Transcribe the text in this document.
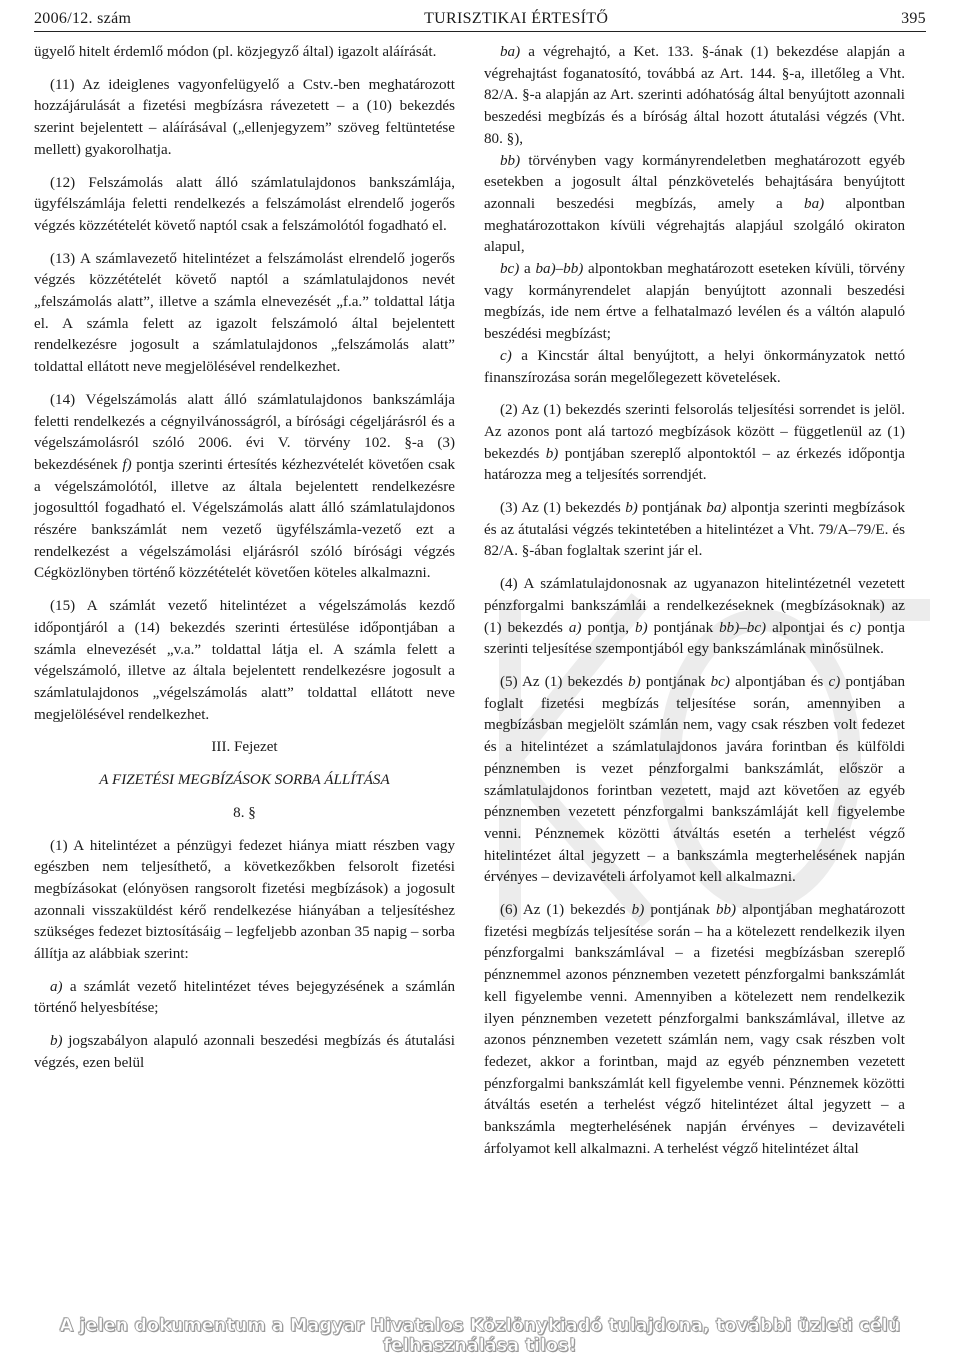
2006/12. szám	TURISZTIKAI ÉRTESÍTŐ	395

ügyelő hitelt érdemlő módon (pl. közjegyző által) igazolt aláírását.

(11) Az ideiglenes vagyonfelügyelő a Cstv.-ben meghatározott hozzájárulását a fizetési megbízásra rávezetett – a (10) bekezdés szerint bejelentett – aláírásával („ellenjegyzem” szöveg feltüntetése mellett) gyakorolhatja.

(12) Felszámolás alatt álló számlatulajdonos bankszámlája, ügyfélszámlája feletti rendelkezés a felszámolást elrendelő jogerős végzés közzétételét követő naptól csak a felszámolótól fogadható el.

(13) A számlavezető hitelintézet a felszámolást elrendelő jogerős végzés közzétételét követő naptól a számlatulajdonos nevét „felszámolás alatt”, illetve a számla elnevezését „f.a.” toldattal látja el. A számla felett az igazolt felszámoló által bejelentett rendelkezésre jogosult a számlatulajdonos „felszámolás alatt” toldattal ellátott neve megjelölésével rendelkezhet.

(14) Végelszámolás alatt álló számlatulajdonos bankszámlája feletti rendelkezés a cégnyilvánosságról, a bírósági cégeljárásról és a végelszámolásról szóló 2006. évi V. törvény 102. §-a (3) bekezdésének f) pontja szerinti értesítés kézhezvételét követően csak a végelszámolótól, illetve az általa bejelentett rendelkezésre jogosulttól fogadható el. Végelszámolás alatt álló számlatulajdonos részére bankszámlát nem vezető ügyfélszámla-vezető ezt a rendelkezést a végelszámolási eljárásról szóló bírósági végzés Cégközlönyben történő közzétételét követően köteles alkalmazni.

(15) A számlát vezető hitelintézet a végelszámolás kezdő időpontjáról a (14) bekezdés szerinti értesülése időpontjában a számla elnevezését „v.a.” toldattal látja el. A számla felett a végelszámoló, illetve az általa bejelentett rendelkezésre jogosult a számlatulajdonos „végelszámolás alatt” toldattal ellátott neve megjelölésével rendelkezhet.

III. Fejezet

A FIZETÉSI MEGBÍZÁSOK SORBA ÁLLÍTÁSA

8. §

(1) A hitelintézet a pénzügyi fedezet hiánya miatt részben vagy egészben nem teljesíthető, a következőkben felsorolt fizetési megbízásokat (elónyösen rangsorolt fizetési megbízások) a jogosult azonnali visszaküldést kérő rendelkezése hiányában a teljesítéshez szükséges fedezet biztosításáig – legfeljebb azonban 35 napig – sorba állítja az alábbiak szerint:

a) a számlát vezető hitelintézet téves bejegyzésének a számlán történő helyesbítése;

b) jogszabályon alapuló azonnali beszedési megbízás és átutalási végzés, ezen belül

ba) a végrehajtó, a Ket. 133. §-ának (1) bekezdése alapján a végrehajtást foganatosító, továbbá az Art. 144. §-a, illetőleg a Vht. 82/A. §-a alapján az Art. szerinti adóhatóság által benyújtott azonnali beszedési megbízás és a bíróság által hozott átutalási végzés (Vht. 80. §),

bb) törvényben vagy kormányrendeletben meghatározott egyéb esetekben a jogosult által pénzkövetelés behajtására benyújtott azonnali beszedési megbízás, amely a ba) alpontban meghatározottakon kívüli végrehajtás alapjául szolgáló okiraton alapul,

bc) a ba)–bb) alpontokban meghatározott eseteken kívüli, törvény vagy kormányrendelet alapján benyújtott azonnali beszedési megbízás, ide nem értve a felhatalmazó levélen és a váltón alapuló beszédési megbízást;

c) a Kincstár által benyújtott, a helyi önkormányzatok nettó finanszírozása során megelőlegezett követelések.

(2) Az (1) bekezdés szerinti felsorolás teljesítési sorrendet is jelöl. Az azonos pont alá tartozó megbízások között – függetlenül az (1) bekezdés b) pontjában szereplő alpontoktól – az érkezés időpontja határozza meg a teljesítés sorrendjét.

(3) Az (1) bekezdés b) pontjának ba) alpontja szerinti megbízások és az átutalási végzés tekintetében a hitelintézet a Vht. 79/A–79/E. és 82/A. §-ában foglaltak szerint jár el.

(4) A számlatulajdonosnak az ugyanazon hitelintézetnél vezetett pénzforgalmi bankszámlái a rendelkezéseknek (megbízásoknak) az (1) bekezdés a) pontja, b) pontjának bb)–bc) alpontjai és c) pontja szerinti teljesítése szempontjából egy bankszámlának minősülnek.

(5) Az (1) bekezdés b) pontjának bc) alpontjában és c) pontjában foglalt fizetési megbízás teljesítése során, amennyiben a megbízásban megjelölt számlán nem, vagy csak részben volt fedezet és a hitelintézet a számlatulajdonos javára forintban és külföldi pénznemben is vezet pénzforgalmi bankszámlát, először a számlatulajdonos forintban vezetett, majd azt követően az egyéb pénznemben vezetett pénzforgalmi bankszámláját kell figyelembe venni. Pénznemek közötti átváltás esetén a terhelést végző hitelintézet által jegyzett – a bankszámla megterhelésének napján érvényes – devizavételi árfolyamot kell alkalmazni.

(6) Az (1) bekezdés b) pontjának bb) alpontjában meghatározott fizetési megbízás teljesítése során – ha a kötelezett rendelkezik ilyen pénzforgalmi bankszámlával – a fizetési megbízásban szereplő pénznemmel azonos pénznemben vezetett pénzforgalmi bankszámlát kell figyelembe venni. Amennyiben a kötelezett nem rendelkezik ilyen pénznemben vezetett pénzforgalmi bankszámlával, illetve az azonos pénznemben vezetett számlán nem, vagy csak részben volt fedezet, akkor a forintban, majd az egyéb pénznemben vezetett pénzforgalmi bankszámlát kell figyelembe venni. Pénznemek közötti átváltás esetén a terhelést végző hitelintézet által jegyzett – a bankszámla megterhelésének napján érvényes – devizavételi árfolyamot kell alkalmazni. A terhelést végző hitelintézet által

A jelen dokumentum a Magyar Hivatalos Közlönykiadó tulajdona, további üzleti célú felhasználása tilos!
